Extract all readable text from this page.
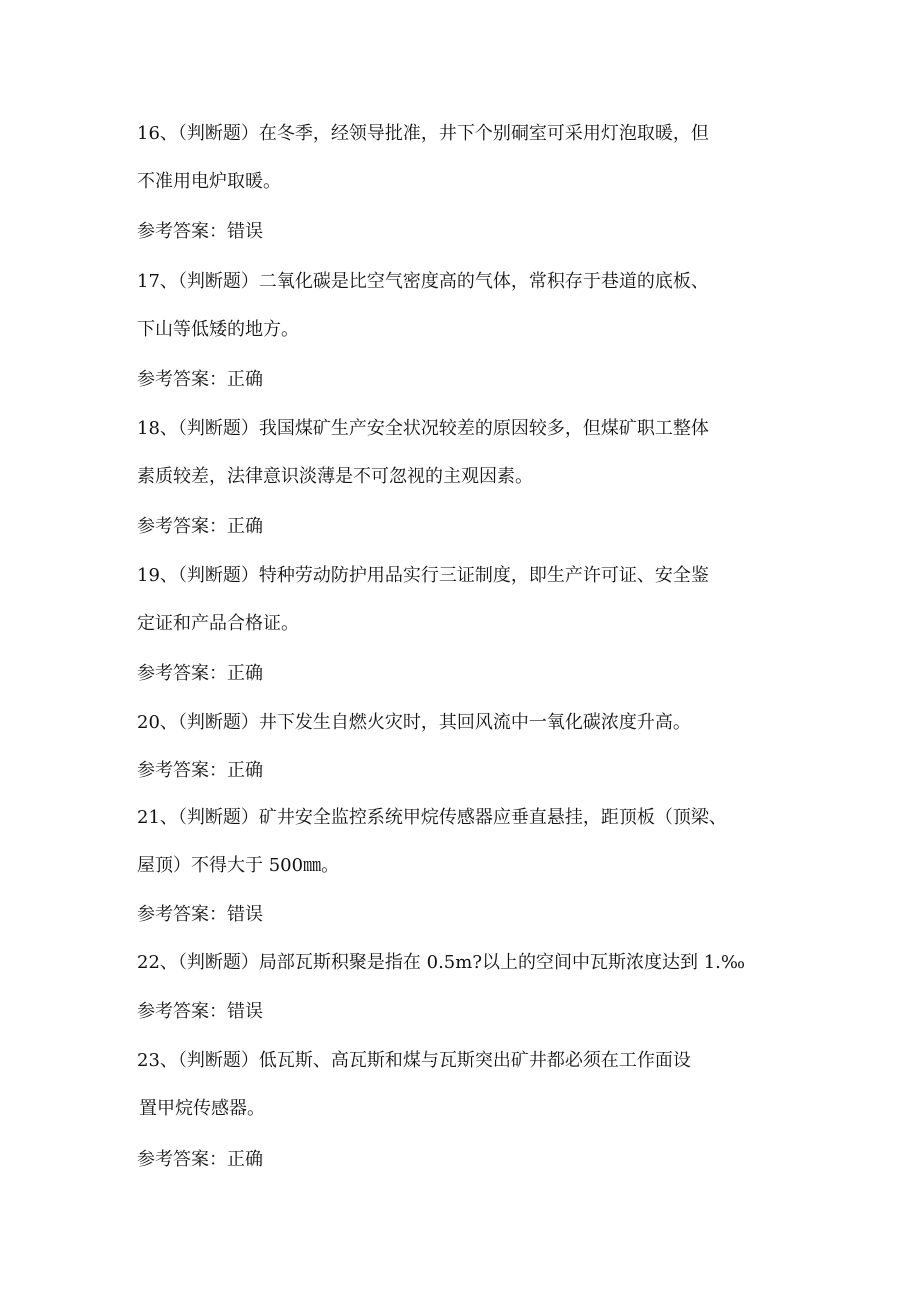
16、（判断题）在冬季，经领导批准，井下个别硐室可采用灯泡取暖，但
不准用电炉取暖。

参考答案：错误

17、（判断题）二氧化碳是比空气密度高的气体，常积存于巷道的底板、
下山等低矮的地方。

参考答案：正确

18、（判断题）我国煤矿生产安全状况较差的原因较多，但煤矿职工整体
素质较差，法律意识淡薄是不可忽视的主观因素。

参考答案：正确

19、（判断题）特种劳动防护用品实行三证制度，即生产许可证、安全鉴
定证和产品合格证。

参考答案：正确

20、（判断题）井下发生自燃火灾时，其回风流中一氧化碳浓度升高。

参考答案：正确

21、（判断题）矿井安全监控系统甲烷传感器应垂直悬挂，距顶板（顶梁、
屋顶）不得大于 500㎜。

参考答案：错误

22、（判断题）局部瓦斯积聚是指在 0.5m?以上的空间中瓦斯浓度达到 1.‰

参考答案：错误

23、（判断题）低瓦斯、高瓦斯和煤与瓦斯突出矿井都必须在工作面设
置甲烷传感器。

参考答案：正确
